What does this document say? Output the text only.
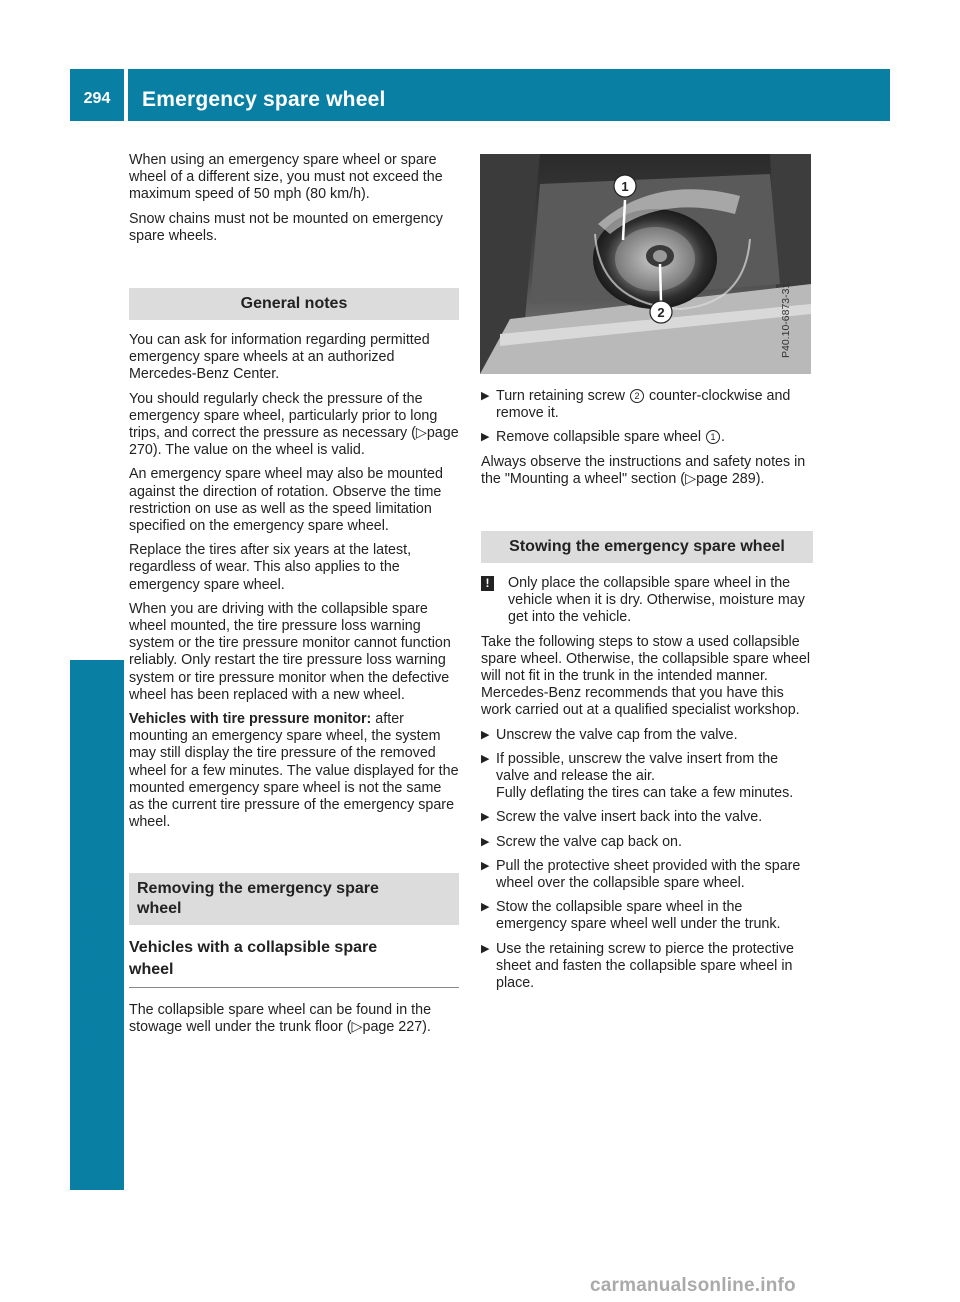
294	Emergency spare wheel
Wheels and tires

When using an emergency spare wheel or spare wheel of a different size, you must not exceed the maximum speed of 50 mph (80 km/h).

Snow chains must not be mounted on emergency spare wheels.

General notes

You can ask for information regarding permitted emergency spare wheels at an authorized Mercedes-Benz Center.

You should regularly check the pressure of the emergency spare wheel, particularly prior to long trips, and correct the pressure as necessary (▷page 270). The value on the wheel is valid.

An emergency spare wheel may also be mounted against the direction of rotation. Observe the time restriction on use as well as the speed limitation specified on the emergency spare wheel.

Replace the tires after six years at the latest, regardless of wear. This also applies to the emergency spare wheel.

When you are driving with the collapsible spare wheel mounted, the tire pressure loss warning system or the tire pressure monitor cannot function reliably. Only restart the tire pressure loss warning system or tire pressure monitor when the defective wheel has been replaced with a new wheel.

Vehicles with tire pressure monitor: after mounting an emergency spare wheel, the system may still display the tire pressure of the removed wheel for a few minutes. The value displayed for the mounted emergency spare wheel is not the same as the current tire pressure of the emergency spare wheel.

Removing the emergency spare
wheel
Vehicles with a collapsible spare
wheel

The collapsible spare wheel can be found in the stowage well under the trunk floor (▷page 227).

1
2	P40.10-6873-31
▶ Turn retaining screw 2 counter-clockwise and remove it.
▶ Remove collapsible spare wheel 1 .

Always observe the instructions and safety notes in the "Mounting a wheel" section (▷page 289).

Stowing the emergency spare wheel
!	Only place the collapsible spare wheel in the vehicle when it is dry. Otherwise, moisture may get into the vehicle.

Take the following steps to stow a used collapsible spare wheel. Otherwise, the collapsible spare wheel will not fit in the trunk in the intended manner. Mercedes-Benz recommends that you have this work carried out at a qualified specialist workshop.

▶ Unscrew the valve cap from the valve.
▶ If possible, unscrew the valve insert from the valve and release the air.
Fully deflating the tires can take a few minutes.
▶ Screw the valve insert back into the valve.
▶ Screw the valve cap back on.
▶ Pull the protective sheet provided with the spare wheel over the collapsible spare wheel.
▶ Stow the collapsible spare wheel in the emergency spare wheel well under the trunk.
▶ Use the retaining screw to pierce the protective sheet and fasten the collapsible spare wheel in place.
carmanualsonline.info
